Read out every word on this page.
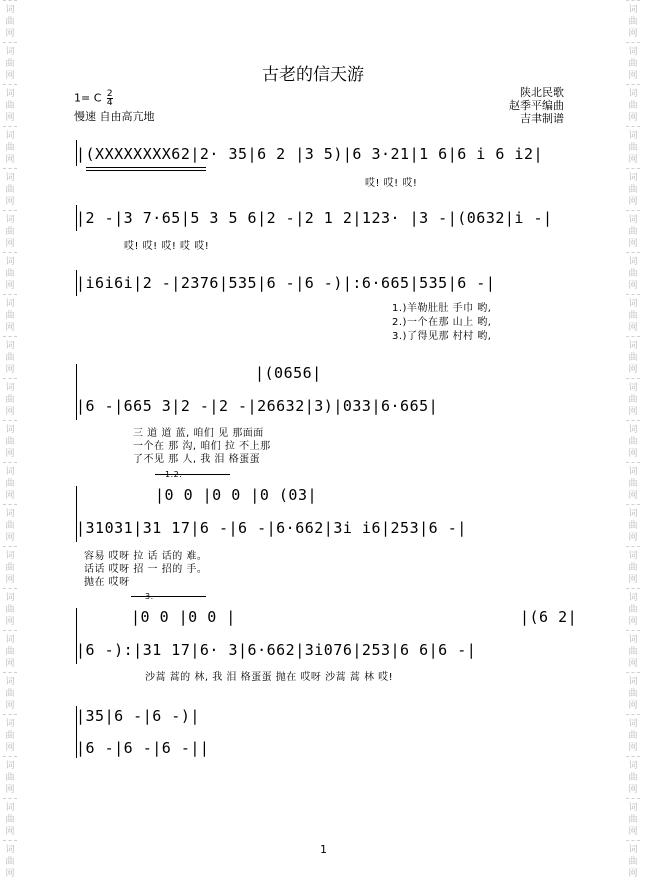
词
曲
网
词
曲
网
词
曲
网
词
曲
网
词
曲
网
词
曲
网
词
曲
网
词
曲
网
词
曲
网
词
曲
网
词
曲
网
词
曲
网
词
曲
网
词
曲
网
词
曲
网
词
曲
网
词
曲
网
词
曲
网
词
曲
网
词
曲
网
词
曲
网
词
曲
网
词
曲
网
词
曲
网
词
曲
网
词
曲
网
词
曲
网
词
曲
网
词
曲
网
词
曲
网
词
曲
网
词
曲
网
词
曲
网
词
曲
网
词
曲
网
词
曲
网
词
曲
网
词
曲
网
词
曲
网
词
曲
网
词
曲
网
词
曲
网
古老的信天游
1= C $\frac{2}{4}$
慢速 自由高亢地
陕北民歌
赵季平编曲
吉聿制谱
|(XXXXXXXX62|2· 35|6 2 |3 5)|6 3·21|1 6|6 i 6 i2|
哎! 哎! 哎!
|2 -|3 7·65|5 3 5 6|2 -|2 1 2|123· |3 -|(0632|i -|
哎! 哎! 哎! 哎 哎!
|i6i6i|2 -|2376|535|6 -|6 -)|:6·665|535|6 -|
1.)羊勒肚肚 手巾 哟,
2.)一个在那 山上 哟,
3.)了得见那 村村 哟,
|(0656|
|6 -|665 3|2 -|2 -|26632|3)|033|6·665|
三 道 道 蓝, 咱们 见 那面面
一个在 那 沟, 咱们 拉 不上那
了不见 那 人, 我 泪 格蛋蛋
|0 0 |0 0 |0 (03|
|31031|31 17|6 -|6 -|6·662|3i i6|253|6 -|
容易 哎呀 拉 话 话的 难。
话话 哎呀 招 一 招的 手。
抛在 哎呀
|0 0 |0 0 |	|(6 2|
|6 -):|31 17|6· 3|6·662|3i076|253|6 6|6 -|
沙蒿 蒿的 林, 我 泪 格蛋蛋 抛在 哎呀 沙蒿 蒿 林 哎!
|35|6 -|6 -)|
|6 -|6 -|6 -||
1
